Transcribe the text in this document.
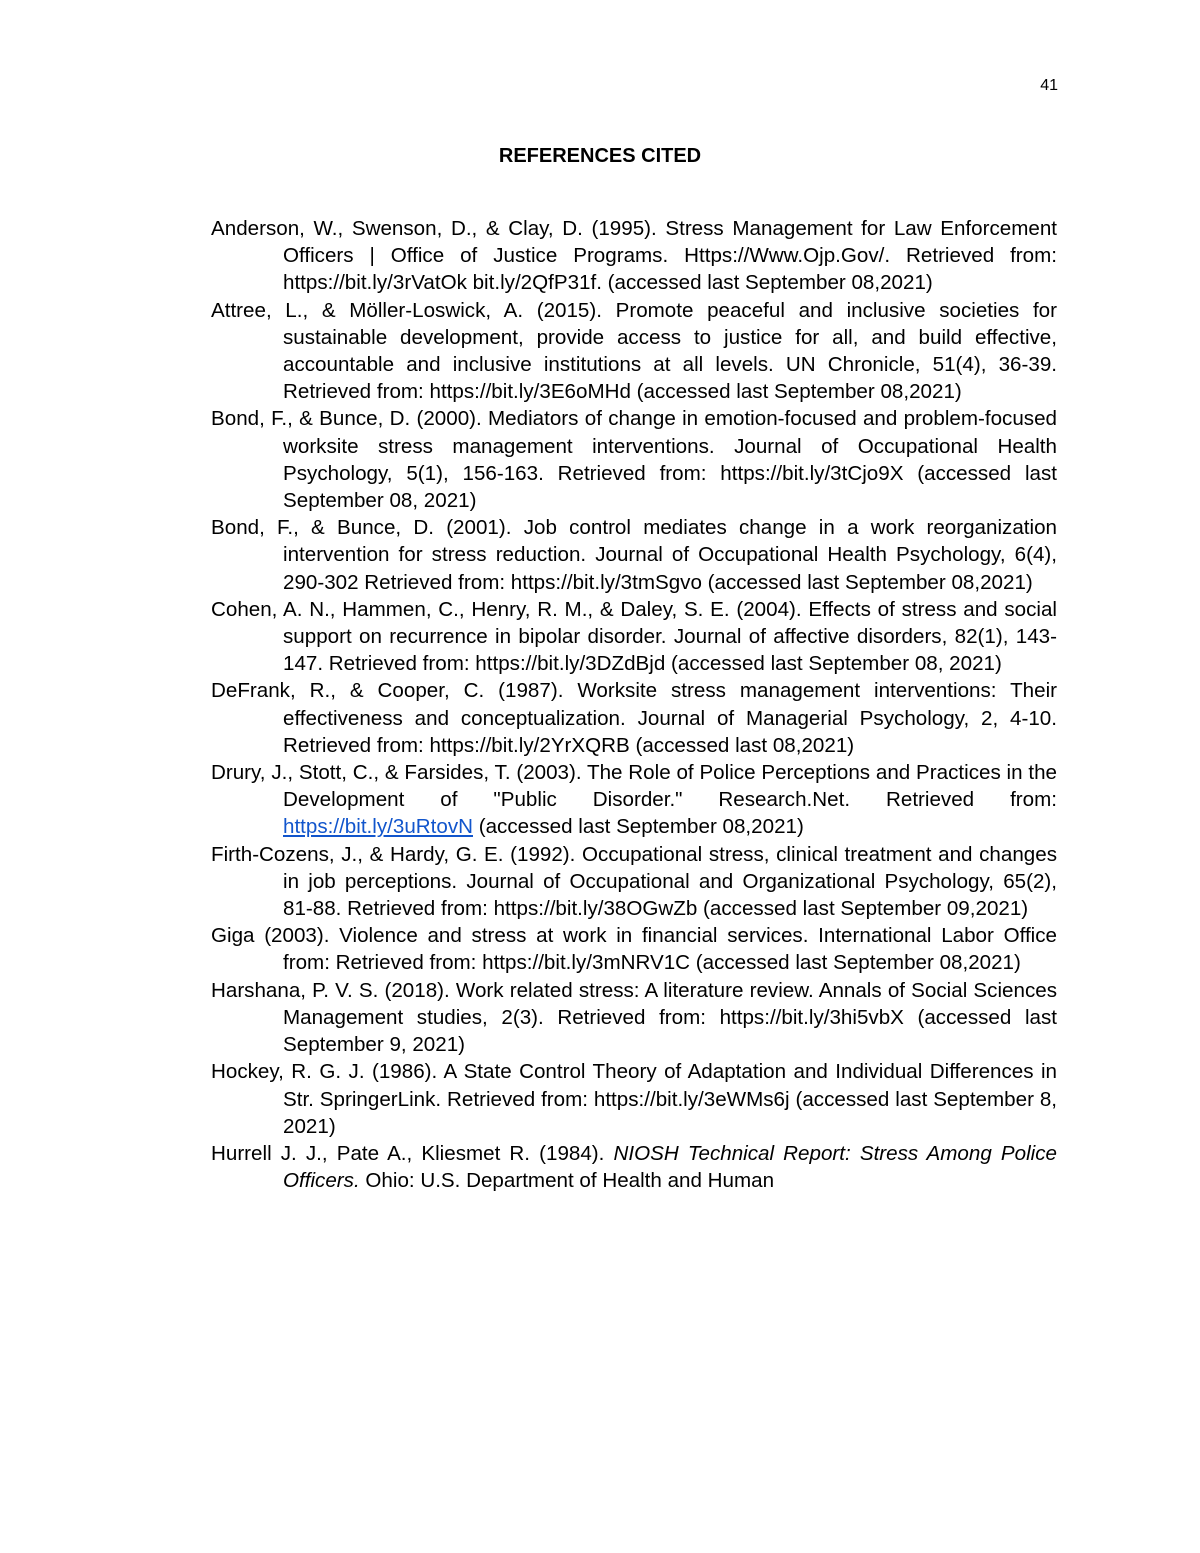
41
REFERENCES CITED

Anderson, W., Swenson, D., & Clay, D. (1995). Stress Management for Law Enforcement Officers | Office of Justice Programs. Https://Www.Ojp.Gov/. Retrieved from: https://bit.ly/3rVatOk bit.ly/2QfP31f. (accessed last September 08,2021)

Attree, L., & Möller-Loswick, A. (2015). Promote peaceful and inclusive societies for sustainable development, provide access to justice for all, and build effective, accountable and inclusive institutions at all levels. UN Chronicle, 51(4), 36-39. Retrieved from: https://bit.ly/3E6oMHd (accessed last September 08,2021)

Bond, F., & Bunce, D. (2000). Mediators of change in emotion-focused and problem-focused worksite stress management interventions. Journal of Occupational Health Psychology, 5(1), 156-163. Retrieved from: https://bit.ly/3tCjo9X (accessed last September 08, 2021)

Bond, F., & Bunce, D. (2001). Job control mediates change in a work reorganization intervention for stress reduction. Journal of Occupational Health Psychology, 6(4), 290-302 Retrieved from: https://bit.ly/3tmSgvo (accessed last September 08,2021)

Cohen, A. N., Hammen, C., Henry, R. M., & Daley, S. E. (2004). Effects of stress and social support on recurrence in bipolar disorder. Journal of affective disorders, 82(1), 143-147. Retrieved from: https://bit.ly/3DZdBjd (accessed last September 08, 2021)

DeFrank, R., & Cooper, C. (1987). Worksite stress management interventions: Their effectiveness and conceptualization. Journal of Managerial Psychology, 2, 4-10. Retrieved from: https://bit.ly/2YrXQRB (accessed last 08,2021)

Drury, J., Stott, C., & Farsides, T. (2003). The Role of Police Perceptions and Practices in the Development of "Public Disorder." Research.Net. Retrieved from: https://bit.ly/3uRtovN (accessed last September 08,2021)

Firth-Cozens, J., & Hardy, G. E. (1992). Occupational stress, clinical treatment and changes in job perceptions. Journal of Occupational and Organizational Psychology, 65(2), 81-88. Retrieved from: https://bit.ly/38OGwZb (accessed last September 09,2021)

Giga (2003). Violence and stress at work in financial services. International Labor Office from: Retrieved from: https://bit.ly/3mNRV1C (accessed last September 08,2021)

Harshana, P. V. S. (2018). Work related stress: A literature review. Annals of Social Sciences Management studies, 2(3). Retrieved from: https://bit.ly/3hi5vbX (accessed last September 9, 2021)

Hockey, R. G. J. (1986). A State Control Theory of Adaptation and Individual Differences in Str. SpringerLink. Retrieved from: https://bit.ly/3eWMs6j (accessed last September 8, 2021)

Hurrell J. J., Pate A., Kliesmet R. (1984). NIOSH Technical Report: Stress Among Police Officers. Ohio: U.S. Department of Health and Human
